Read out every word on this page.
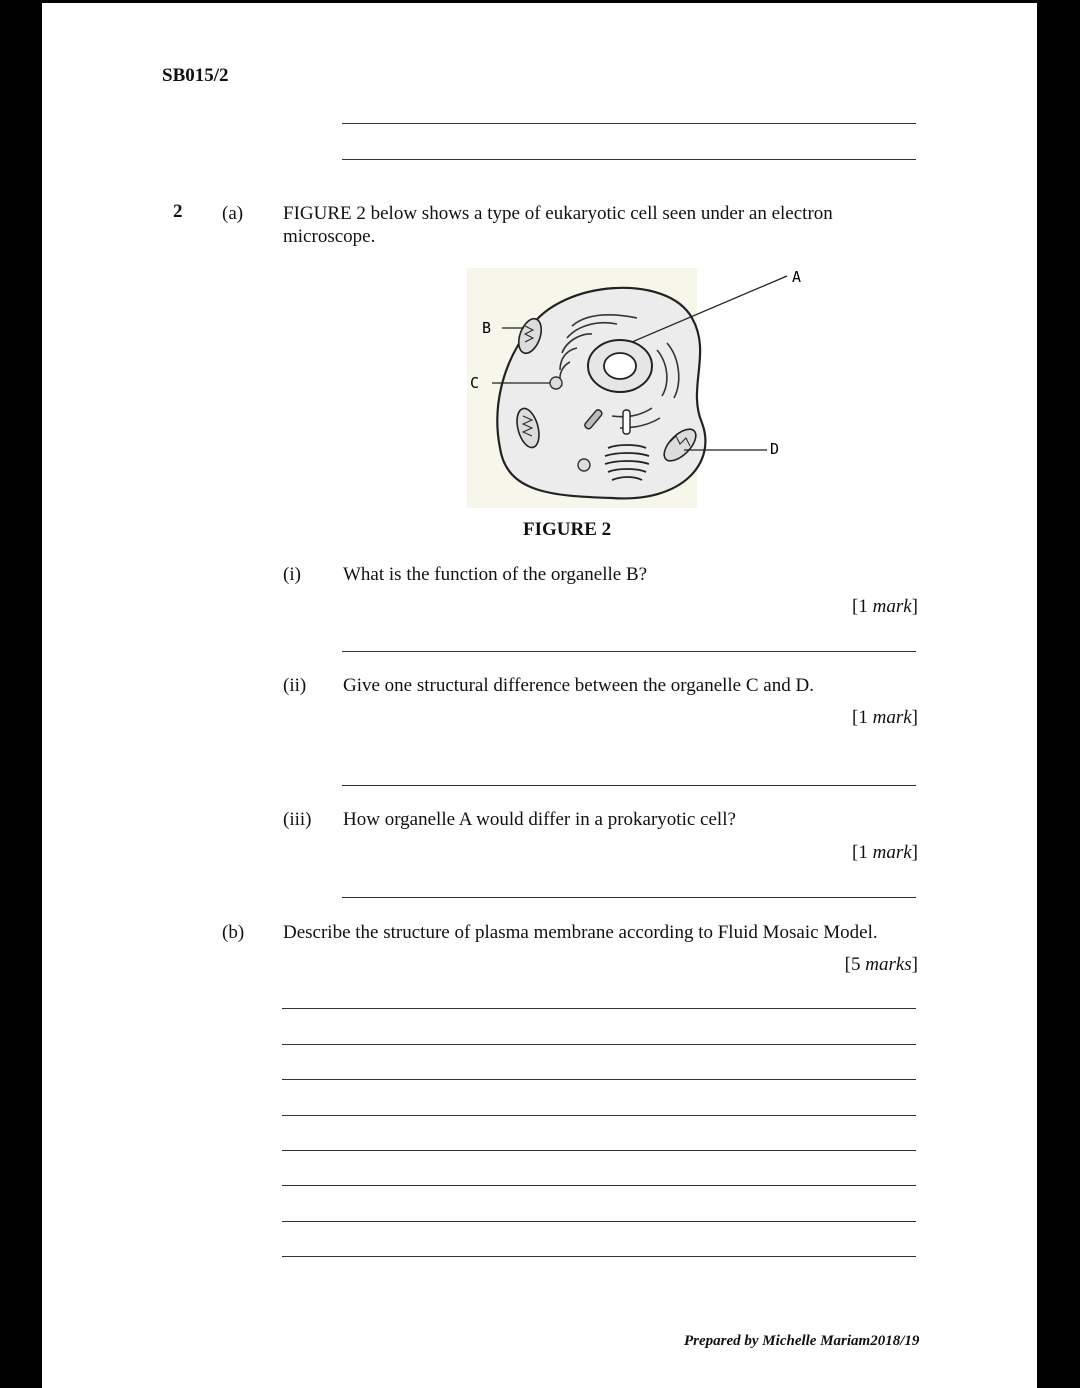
SB015/2
2 (a) FIGURE 2 below shows a type of eukaryotic cell seen under an electron
microscope.
B
C
A
D
FIGURE 2
(i) What is the function of the organelle B?
[1 mark]
(ii) Give one structural difference between the organelle C and D.
[1 mark]
(iii) How organelle A would differ in a prokaryotic cell?
[1 mark]
(b) Describe the structure of plasma membrane according to Fluid Mosaic Model.
[5 marks]
Prepared by Michelle Mariam2018/19
